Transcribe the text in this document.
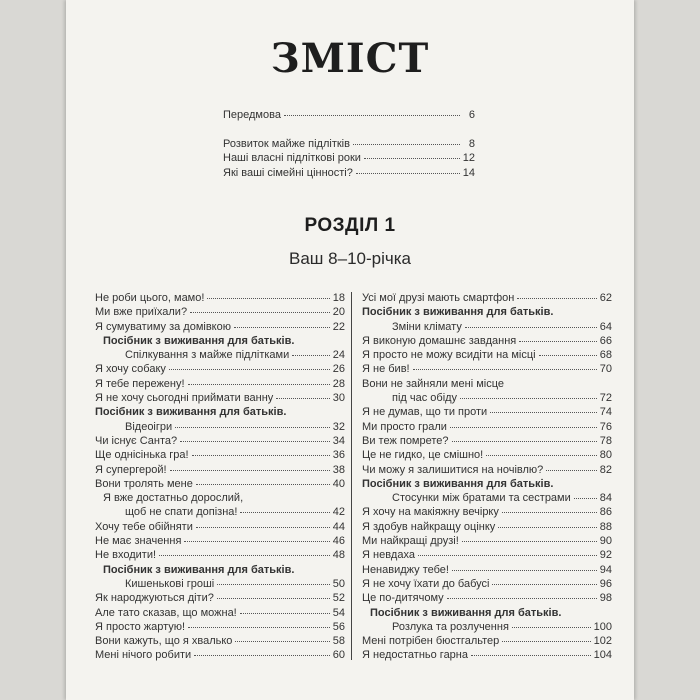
ЗМІСТ
Передмова	6
Розвиток майже підлітків	8
Наші власні підліткові роки	12
Які ваші сімейні цінності?	14
РОЗДІЛ 1
Ваш 8–10-річка
Не роби цього, мамо!	18
Ми вже приїхали?	20
Я сумуватиму за домівкою	22
Посібник з виживання для батьків.
Спілкування з майже підлітками	24
Я хочу собаку	26
Я тебе пережену!	28
Я не хочу сьогодні приймати ванну	30
Посібник з виживання для батьків.
Відеоігри	32
Чи існує Санта?	34
Ще однісінька гра!	36
Я супергерой!	38
Вони тролять мене	40
Я вже достатньо дорослий,
щоб не спати допізна!	42
Хочу тебе обійняти	44
Не має значення	46
Не входити!	48
Посібник з виживання для батьків.
Кишенькові гроші	50
Як народжуються діти?	52
Але тато сказав, що можна!	54
Я просто жартую!	56
Вони кажуть, що я хвалько	58
Мені нічого робити	60
Усі мої друзі мають смартфон	62
Посібник з виживання для батьків.
Зміни клімату	64
Я виконую домашнє завдання	66
Я просто не можу всидіти на місці	68
Я не бив!	70
Вони не зайняли мені місце
під час обіду	72
Я не думав, що ти проти	74
Ми просто грали	76
Ви теж помрете?	78
Це не гидко, це смішно!	80
Чи можу я залишитися на ночівлю?	82
Посібник з виживання для батьків.
Стосунки між братами та сестрами	84
Я хочу на макіяжну вечірку	86
Я здобув найкращу оцінку	88
Ми найкращі друзі!	90
Я невдаха	92
Ненавиджу тебе!	94
Я не хочу їхати до бабусі	96
Це по-дитячому	98
Посібник з виживання для батьків.
Розлука та розлучення	100
Мені потрібен бюстгальтер	102
Я недостатньо гарна	104
